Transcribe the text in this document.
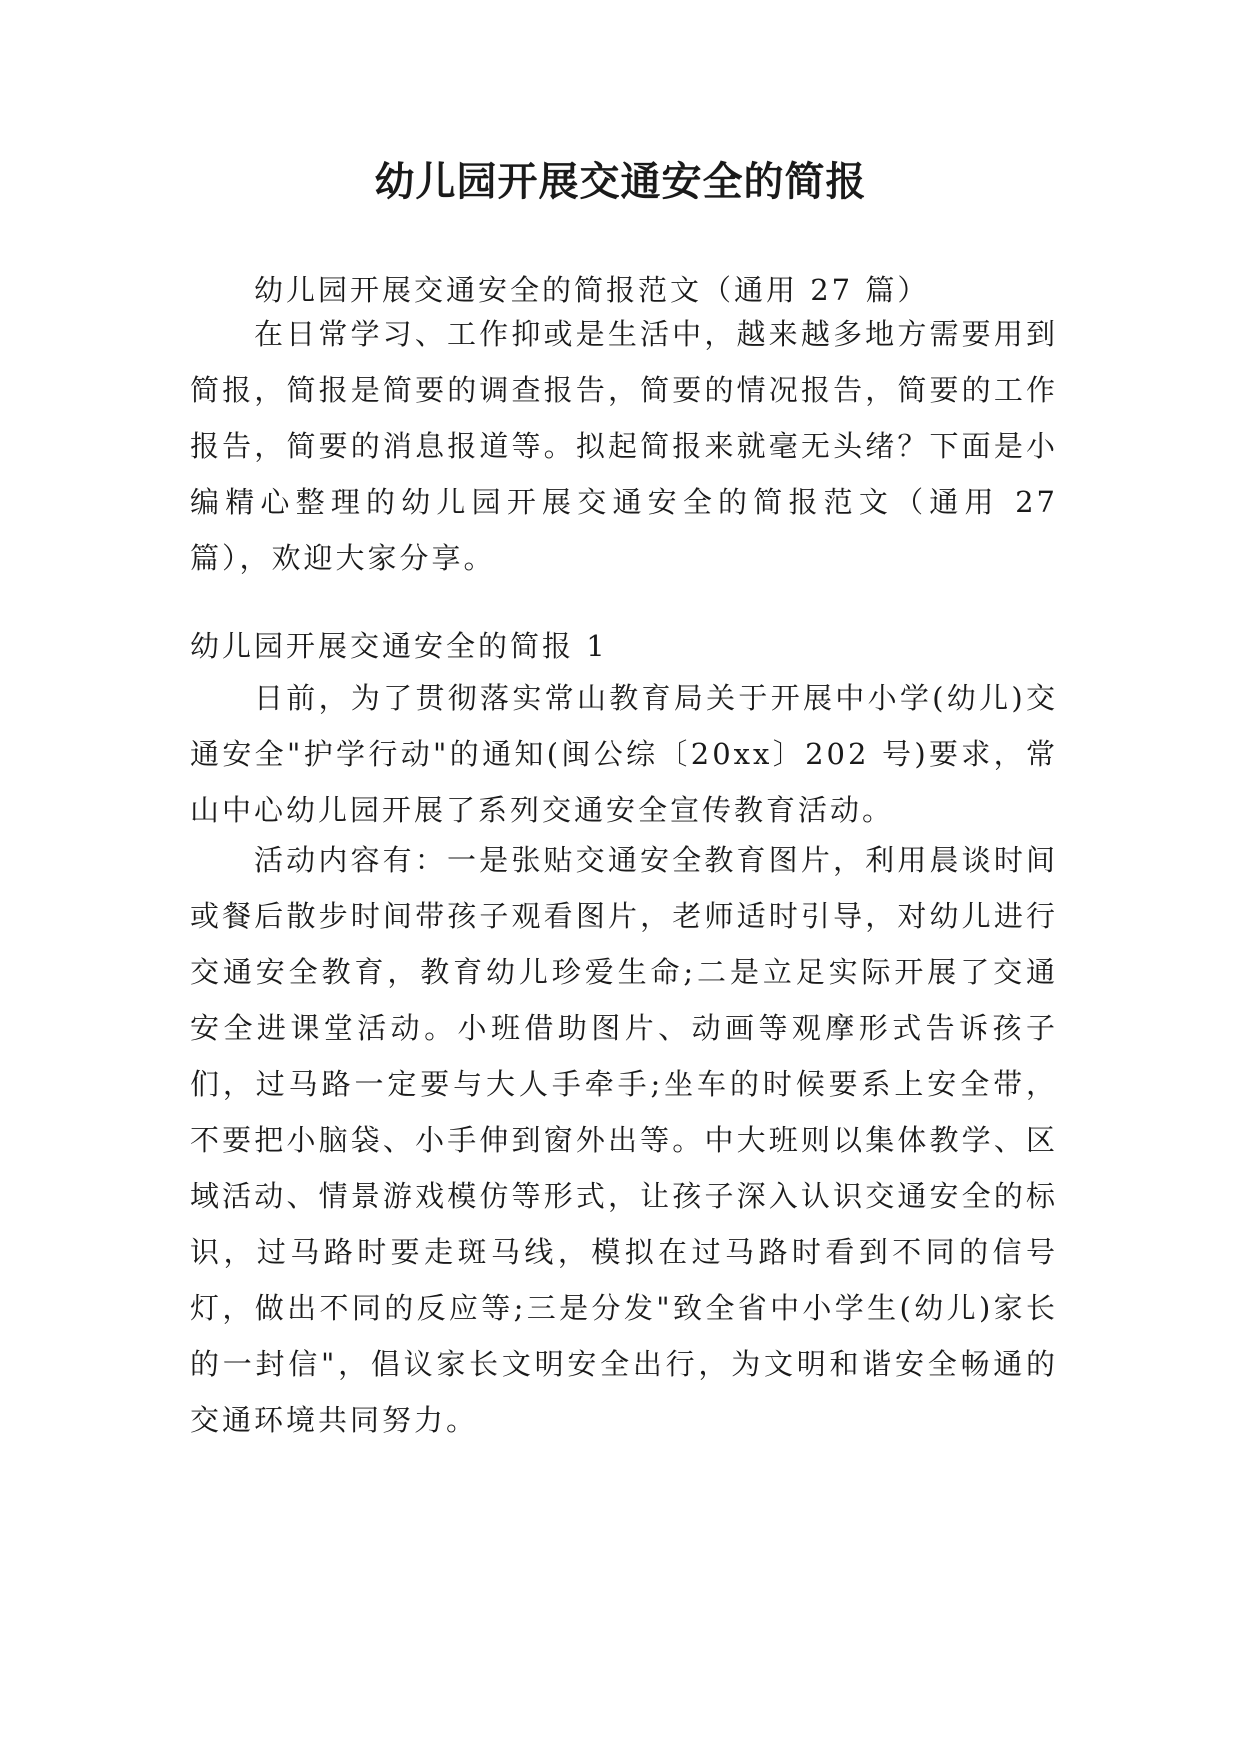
幼儿园开展交通安全的简报

幼儿园开展交通安全的简报范文（通用 27 篇）

在日常学习、工作抑或是生活中，越来越多地方需要用到简报，简报是简要的调查报告，简要的情况报告，简要的工作报告，简要的消息报道等。拟起简报来就毫无头绪？下面是小编精心整理的幼儿园开展交通安全的简报范文（通用 27 篇），欢迎大家分享。

幼儿园开展交通安全的简报 1

日前，为了贯彻落实常山教育局关于开展中小学(幼儿)交通安全"护学行动"的通知(闽公综〔20xx〕202 号)要求，常山中心幼儿园开展了系列交通安全宣传教育活动。

活动内容有：一是张贴交通安全教育图片，利用晨谈时间或餐后散步时间带孩子观看图片，老师适时引导，对幼儿进行交通安全教育，教育幼儿珍爱生命;二是立足实际开展了交通安全进课堂活动。小班借助图片、动画等观摩形式告诉孩子们，过马路一定要与大人手牵手;坐车的时候要系上安全带，不要把小脑袋、小手伸到窗外出等。中大班则以集体教学、区域活动、情景游戏模仿等形式，让孩子深入认识交通安全的标识，过马路时要走斑马线，模拟在过马路时看到不同的信号灯，做出不同的反应等;三是分发"致全省中小学生(幼儿)家长的一封信"，倡议家长文明安全出行，为文明和谐安全畅通的交通环境共同努力。
